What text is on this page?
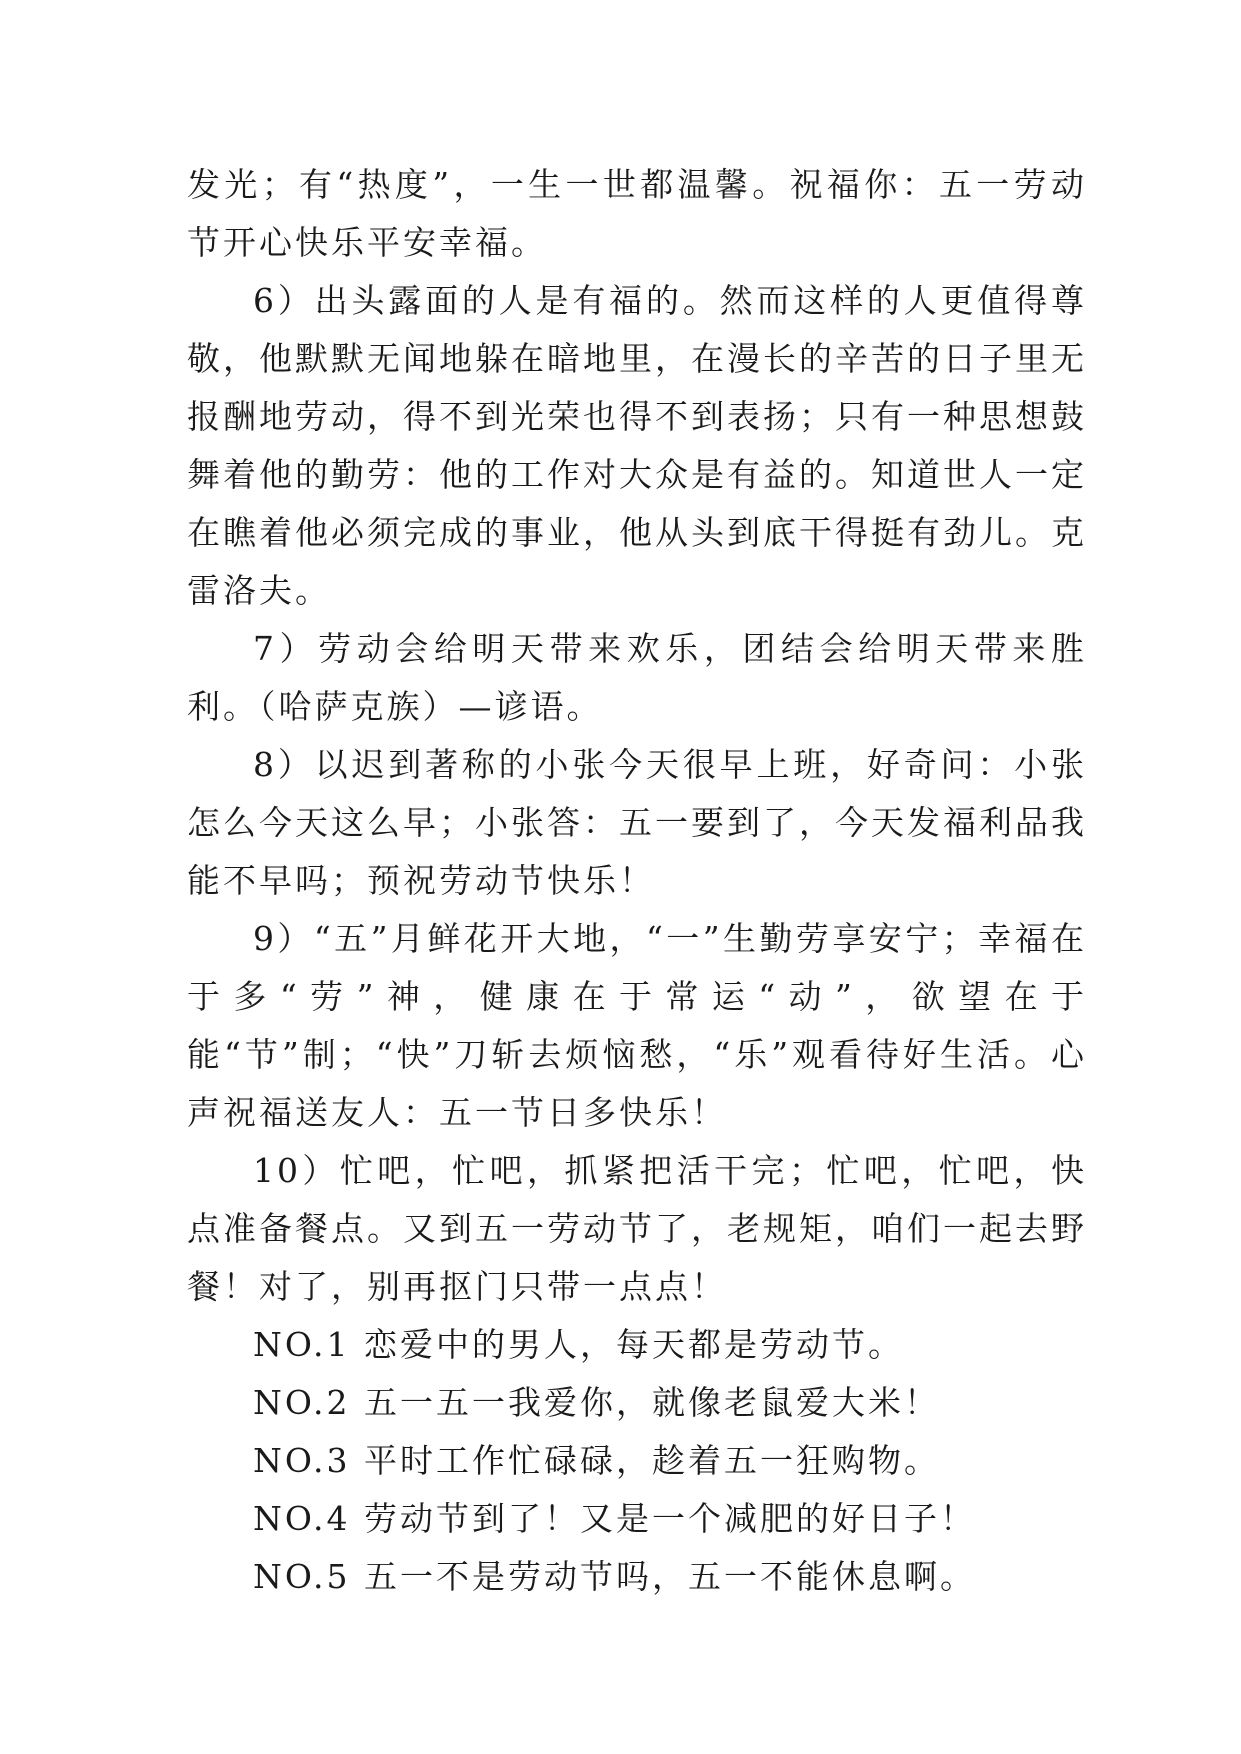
发光；有“热度”，一生一世都温馨。祝福你：五一劳动节开心快乐平安幸福。

6）出头露面的人是有福的。然而这样的人更值得尊敬，他默默无闻地躲在暗地里，在漫长的辛苦的日子里无报酬地劳动，得不到光荣也得不到表扬；只有一种思想鼓舞着他的勤劳：他的工作对大众是有益的。知道世人一定在瞧着他必须完成的事业，他从头到底干得挺有劲儿。克雷洛夫。

7）劳动会给明天带来欢乐，团结会给明天带来胜利。（哈萨克族）—谚语。

8）以迟到著称的小张今天很早上班，好奇问：小张怎么今天这么早；小张答：五一要到了，今天发福利品我能不早吗；预祝劳动节快乐！

9）“五”月鲜花开大地，“一”生勤劳享安宁；幸福在于多“劳”神，健康在于常运“动”，欲望在于能“节”制；“快”刀斩去烦恼愁，“乐”观看待好生活。心声祝福送友人：五一节日多快乐！

10）忙吧，忙吧，抓紧把活干完；忙吧，忙吧，快点准备餐点。又到五一劳动节了，老规矩，咱们一起去野餐！对了，别再抠门只带一点点！

NO.1 恋爱中的男人，每天都是劳动节。

NO.2 五一五一我爱你，就像老鼠爱大米！

NO.3 平时工作忙碌碌，趁着五一狂购物。

NO.4 劳动节到了！又是一个减肥的好日子！

NO.5 五一不是劳动节吗，五一不能休息啊。
